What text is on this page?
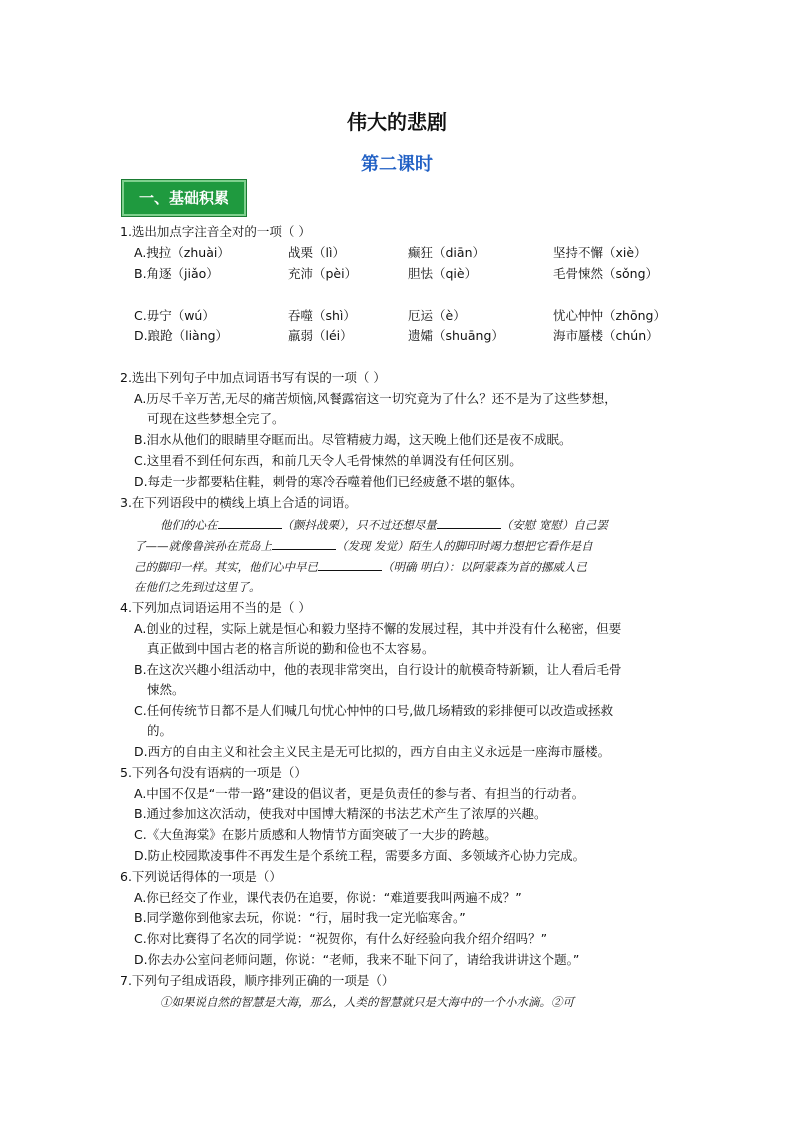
伟大的悲剧
第二课时
一、基础积累
1.选出加点字注音全对的一项（ ）
A.拽拉（zhuài）	战栗（lì）	癫狂（diān）	坚持不懈（xiè）
B.角逐（jiǎo）	充沛（pèi）	胆怯（qiè）	毛骨悚然（sǒng）
C.毋宁（wú）	吞噬（shì）	厄运（è）	忧心忡忡（zhōng）
D.踉跄（liàng）	羸弱（léi）	遗孀（shuāng）	海市蜃楼（chún）
2.选出下列句子中加点词语书写有误的一项（ ）
A.历尽千辛万苦,无尽的痛苦烦恼,风餐露宿这一切究竟为了什么？还不是为了这些梦想，
可现在这些梦想全完了。
B.泪水从他们的眼睛里夺眶而出。尽管精疲力竭，这天晚上他们还是夜不成眠。
C.这里看不到任何东西，和前几天令人毛骨悚然的单调没有任何区别。
D.每走一步都要粘住鞋，刺骨的寒冷吞噬着他们已经疲惫不堪的躯体。
3.在下列语段中的横线上填上合适的词语。
他们的心在	（颤抖战栗），只不过还想尽量	（安慰 宽慰）自己罢
了——就像鲁滨孙在荒岛上	（发现 发觉）陌生人的脚印时竭力想把它看作是自
己的脚印一样。其实，他们心中早已	（明确 明白）：以阿蒙森为首的挪威人已
在他们之先到过这里了。
4.下列加点词语运用不当的是（ ）
A.创业的过程，实际上就是恒心和毅力坚持不懈的发展过程，其中并没有什么秘密，但要
真正做到中国古老的格言所说的勤和俭也不太容易。
B.在这次兴趣小组活动中，他的表现非常突出，自行设计的航模奇特新颖，让人看后毛骨
悚然。
C.任何传统节日都不是人们喊几句忧心忡忡的口号,做几场精致的彩排便可以改造或拯救
的。
D.西方的自由主义和社会主义民主是无可比拟的，西方自由主义永远是一座海市蜃楼。
5.下列各句没有语病的一项是（）
A.中国不仅是“一带一路”建设的倡议者，更是负责任的参与者、有担当的行动者。
B.通过参加这次活动，使我对中国博大精深的书法艺术产生了浓厚的兴趣。
C.《大鱼海棠》在影片质感和人物情节方面突破了一大步的跨越。
D.防止校园欺凌事件不再发生是个系统工程，需要多方面、多领域齐心协力完成。
6.下列说话得体的一项是（）
A.你已经交了作业，课代表仍在追要，你说：“难道要我叫两遍不成？”
B.同学邀你到他家去玩，你说：“行，届时我一定光临寒舍。”
C.你对比赛得了名次的同学说：“祝贺你，有什么好经验向我介绍介绍吗？”
D.你去办公室问老师问题，你说：“老师，我来不耻下问了，请给我讲讲这个题。”
7.下列句子组成语段，顺序排列正确的一项是（）
①如果说自然的智慧是大海，那么，人类的智慧就只是大海中的一个小水滴。②可
